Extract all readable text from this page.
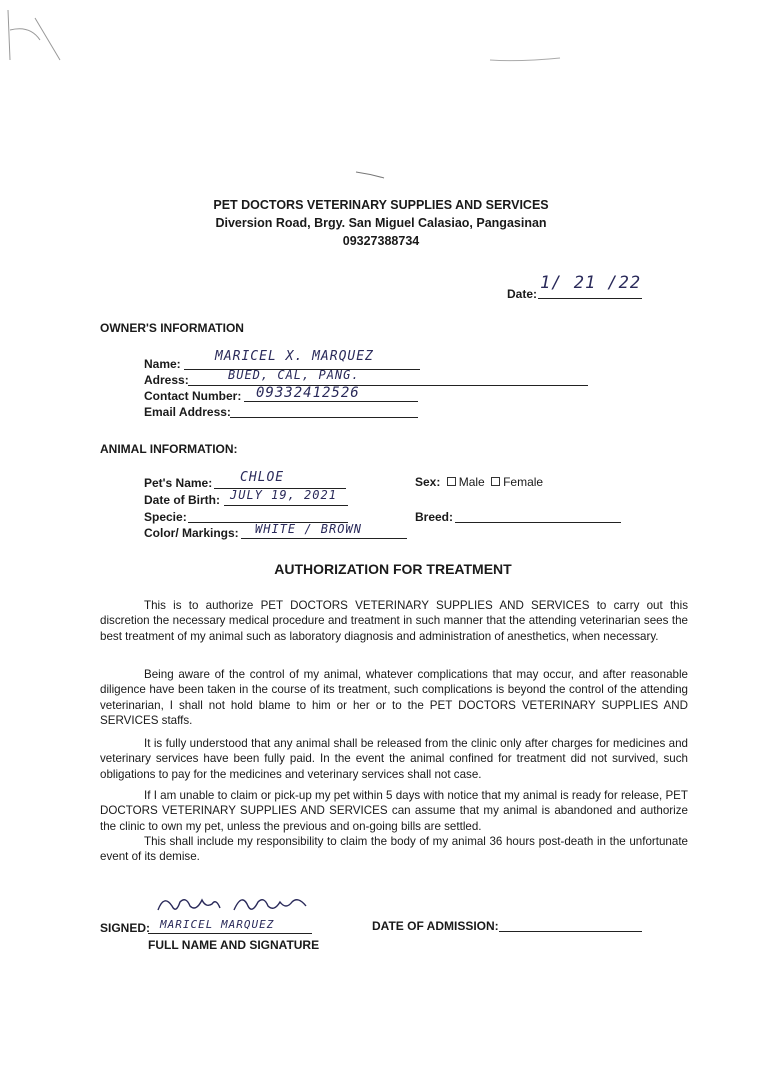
PET DOCTORS VETERINARY SUPPLIES AND SERVICES
Diversion Road, Brgy. San Miguel Calasiao, Pangasinan
09327388734
Date:
1/ 21 /22
OWNER'S INFORMATION
Name:	MARICEL X. MARQUEZ
Adress:	BUED, CAL, PANG.
Contact Number: 09332412526
Email Address:
ANIMAL INFORMATION:
Pet's Name: CHLOE
Date of Birth: JULY 19, 2021
Specie:
Color/ Markings: WHITE / BROWN
Sex: Male Female
Breed:
AUTHORIZATION FOR TREATMENT

This is to authorize PET DOCTORS VETERINARY SUPPLIES AND SERVICES to carry out this discretion the necessary medical procedure and treatment in such manner that the attending veterinarian sees the best treatment of my animal such as laboratory diagnosis and administration of anesthetics, when necessary.

Being aware of the control of my animal, whatever complications that may occur, and after reasonable diligence have been taken in the course of its treatment, such complications is beyond the control of the attending veterinarian, I shall not hold blame to him or her or to the PET DOCTORS VETERINARY SUPPLIES AND SERVICES staffs.

It is fully understood that any animal shall be released from the clinic only after charges for medicines and veterinary services have been fully paid. In the event the animal confined for treatment did not survived, such obligations to pay for the medicines and veterinary services shall not case.

If I am unable to claim or pick-up my pet within 5 days with notice that my animal is ready for release, PET DOCTORS VETERINARY SUPPLIES AND SERVICES can assume that my animal is abandoned and authorize the clinic to own my pet, unless the previous and on-going bills are settled.

This shall include my responsibility to claim the body of my animal 36 hours post-death in the unfortunate event of its demise.

SIGNED: MARICEL MARQUEZ
FULL NAME AND SIGNATURE
DATE OF ADMISSION:
